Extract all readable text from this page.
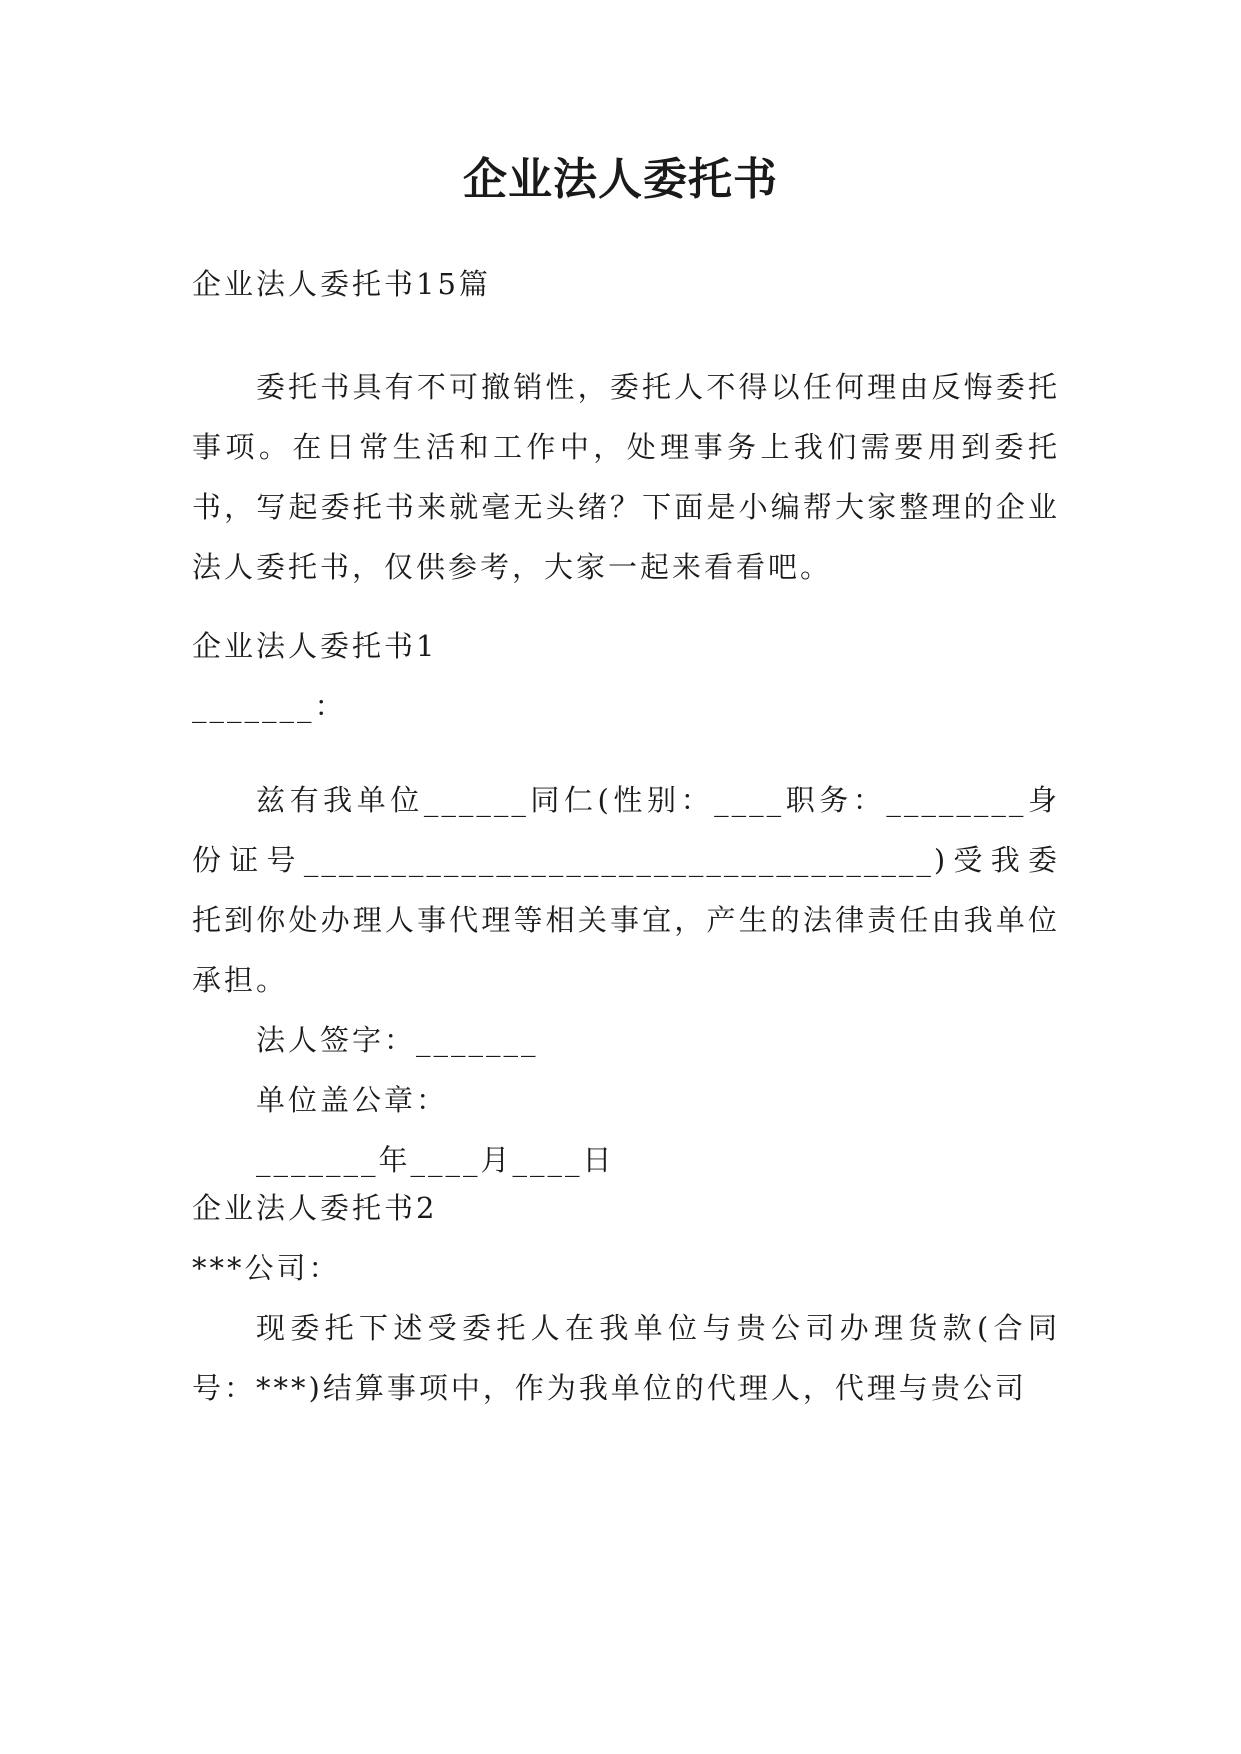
企业法人委托书

企业法人委托书15篇

委托书具有不可撤销性，委托人不得以任何理由反悔委托事项。在日常生活和工作中，处理事务上我们需要用到委托书，写起委托书来就毫无头绪？下面是小编帮大家整理的企业法人委托书，仅供参考，大家一起来看看吧。

企业法人委托书1

_______：

兹有我单位______同仁(性别：____职务：________身份证号____________________________________)受我委托到你处办理人事代理等相关事宜，产生的法律责任由我单位承担。

法人签字：_______

单位盖公章：

_______年____月____日

企业法人委托书2

***公司：

现委托下述受委托人在我单位与贵公司办理货款(合同号：***)结算事项中，作为我单位的代理人，代理与贵公司
